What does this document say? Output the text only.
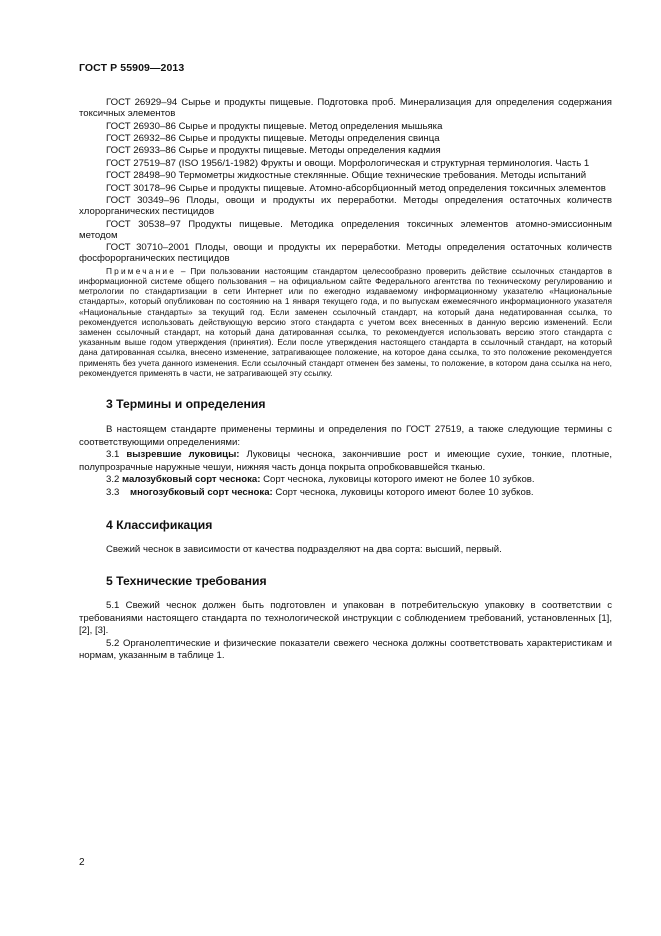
ГОСТ Р 55909—2013

ГОСТ 26929–94 Сырье и продукты пищевые. Подготовка проб. Минерализация для определения содержания токсичных элементов

ГОСТ 26930–86 Сырье и продукты пищевые. Метод определения мышьяка

ГОСТ 26932–86 Сырье и продукты пищевые. Методы определения свинца

ГОСТ 26933–86 Сырье и продукты пищевые. Методы определения кадмия

ГОСТ 27519–87 (ISO 1956/1-1982) Фрукты и овощи. Морфологическая и структурная терминология. Часть 1

ГОСТ 28498–90 Термометры жидкостные стеклянные. Общие технические требования. Методы испытаний

ГОСТ 30178–96 Сырье и продукты пищевые. Атомно-абсорбционный метод определения токсичных элементов

ГОСТ 30349–96 Плоды, овощи и продукты их переработки. Методы определения остаточных количеств хлорорганических пестицидов

ГОСТ 30538–97 Продукты пищевые. Методика определения токсичных элементов атомно-эмиссионным методом

ГОСТ 30710–2001 Плоды, овощи и продукты их переработки. Методы определения остаточных количеств фосфорорганических пестицидов

Примечание – При пользовании настоящим стандартом целесообразно проверить действие ссылочных стандартов в информационной системе общего пользования – на официальном сайте Федерального агентства по техническому регулированию и метрологии по стандартизации в сети Интернет или по ежегодно издаваемому информационному указателю «Национальные стандарты», который опубликован по состоянию на 1 января текущего года, и по выпускам ежемесячного информационного указателя «Национальные стандарты» за текущий год. Если заменен ссылочный стандарт, на который дана недатированная ссылка, то рекомендуется использовать действующую версию этого стандарта с учетом всех внесенных в данную версию изменений. Если заменен ссылочный стандарт, на который дана датированная ссылка, то рекомендуется использовать версию этого стандарта с указанным выше годом утверждения (принятия). Если после утверждения настоящего стандарта в ссылочный стандарт, на который дана датированная ссылка, внесено изменение, затрагивающее положение, на которое дана ссылка, то это положение рекомендуется применять без учета данного изменения. Если ссылочный стандарт отменен без замены, то положение, в котором дана ссылка на него, рекомендуется применять в части, не затрагивающей эту ссылку.

3 Термины и определения

В настоящем стандарте применены термины и определения по ГОСТ 27519, а также следующие термины с соответствующими определениями:

3.1 вызревшие луковицы: Луковицы чеснока, закончившие рост и имеющие сухие, тонкие, плотные, полупрозрачные наружные чешуи, нижняя часть донца покрыта опробковавшейся тканью.

3.2 малозубковый сорт чеснока: Сорт чеснока, луковицы которого имеют не более 10 зубков.

3.3 многозубковый сорт чеснока: Сорт чеснока, луковицы которого имеют более 10 зубков.

4 Классификация

Свежий чеснок в зависимости от качества подразделяют на два сорта: высший, первый.

5 Технические требования

5.1 Свежий чеснок должен быть подготовлен и упакован в потребительскую упаковку в соответствии с требованиями настоящего стандарта по технологической инструкции с соблюдением требований, установленных [1], [2], [3].

5.2 Органолептические и физические показатели свежего чеснока должны соответствовать характеристикам и нормам, указанным в таблице 1.

2
